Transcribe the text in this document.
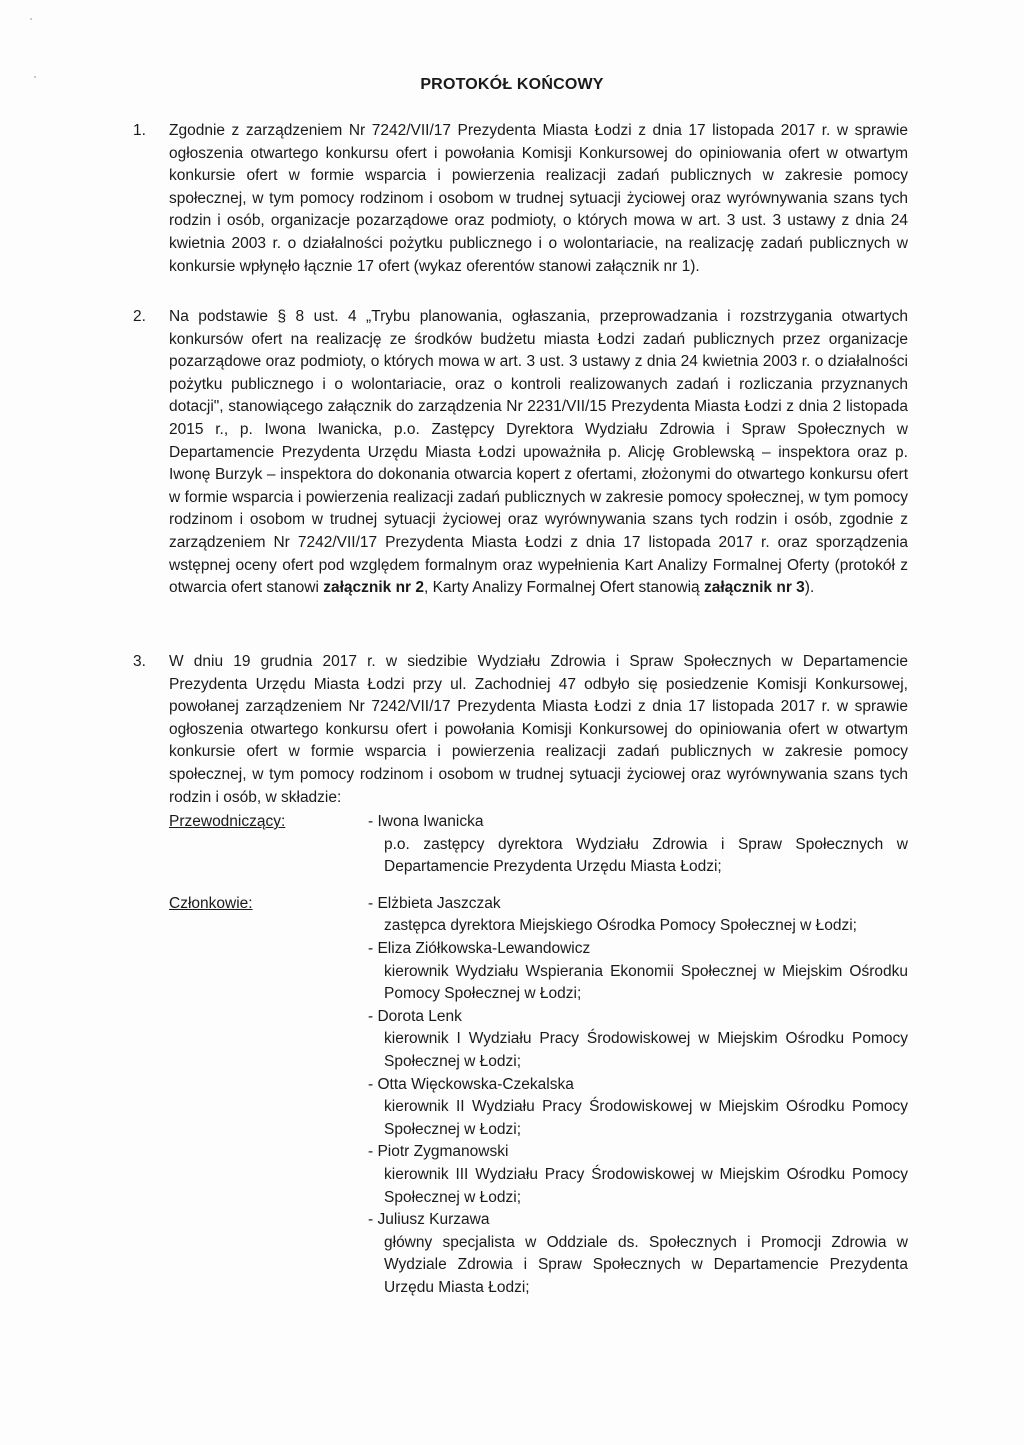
PROTOKÓŁ KOŃCOWY
1. Zgodnie z zarządzeniem Nr 7242/VII/17 Prezydenta Miasta Łodzi z dnia 17 listopada 2017 r. w sprawie ogłoszenia otwartego konkursu ofert i powołania Komisji Konkursowej do opiniowania ofert w otwartym konkursie ofert w formie wsparcia i powierzenia realizacji zadań publicznych w zakresie pomocy społecznej, w tym pomocy rodzinom i osobom w trudnej sytuacji życiowej oraz wyrównywania szans tych rodzin i osób, organizacje pozarządowe oraz podmioty, o których mowa w art. 3 ust. 3 ustawy z dnia 24 kwietnia 2003 r. o działalności pożytku publicznego i o wolontariacie, na realizację zadań publicznych w konkursie wpłynęło łącznie 17 ofert (wykaz oferentów stanowi załącznik nr 1).

2. Na podstawie § 8 ust. 4 „Trybu planowania, ogłaszania, przeprowadzania i rozstrzygania otwartych konkursów ofert na realizację ze środków budżetu miasta Łodzi zadań publicznych przez organizacje pozarządowe oraz podmioty, o których mowa w art. 3 ust. 3 ustawy z dnia 24 kwietnia 2003 r. o działalności pożytku publicznego i o wolontariacie, oraz o kontroli realizowanych zadań i rozliczania przyznanych dotacji", stanowiącego załącznik do zarządzenia Nr 2231/VII/15 Prezydenta Miasta Łodzi z dnia 2 listopada 2015 r., p. Iwona Iwanicka, p.o. Zastępcy Dyrektora Wydziału Zdrowia i Spraw Społecznych w Departamencie Prezydenta Urzędu Miasta Łodzi upoważniła p. Alicję Groblewską – inspektora oraz p. Iwonę Burzyk – inspektora do dokonania otwarcia kopert z ofertami, złożonymi do otwartego konkursu ofert w formie wsparcia i powierzenia realizacji zadań publicznych w zakresie pomocy społecznej, w tym pomocy rodzinom i osobom w trudnej sytuacji życiowej oraz wyrównywania szans tych rodzin i osób, zgodnie z zarządzeniem Nr 7242/VII/17 Prezydenta Miasta Łodzi z dnia 17 listopada 2017 r. oraz sporządzenia wstępnej oceny ofert pod względem formalnym oraz wypełnienia Kart Analizy Formalnej Oferty (protokół z otwarcia ofert stanowi załącznik nr 2, Karty Analizy Formalnej Ofert stanowią załącznik nr 3).

3. W dniu 19 grudnia 2017 r. w siedzibie Wydziału Zdrowia i Spraw Społecznych w Departamencie Prezydenta Urzędu Miasta Łodzi przy ul. Zachodniej 47 odbyło się posiedzenie Komisji Konkursowej, powołanej zarządzeniem Nr 7242/VII/17 Prezydenta Miasta Łodzi z dnia 17 listopada 2017 r. w sprawie ogłoszenia otwartego konkursu ofert i powołania Komisji Konkursowej do opiniowania ofert w otwartym konkursie ofert w formie wsparcia i powierzenia realizacji zadań publicznych w zakresie pomocy społecznej, w tym pomocy rodzinom i osobom w trudnej sytuacji życiowej oraz wyrównywania szans tych rodzin i osób, w składzie:

Przewodniczący:	- Iwona Iwanicka
p.o. zastępcy dyrektora Wydziału Zdrowia i Spraw Społecznych w Departamencie Prezydenta Urzędu Miasta Łodzi;
Członkowie:	- Elżbieta Jaszczak
zastępca dyrektora Miejskiego Ośrodka Pomocy Społecznej w Łodzi;
- Eliza Ziółkowska-Lewandowicz
kierownik Wydziału Wspierania Ekonomii Społecznej w Miejskim Ośrodku Pomocy Społecznej w Łodzi;
- Dorota Lenk
kierownik I Wydziału Pracy Środowiskowej w Miejskim Ośrodku Pomocy Społecznej w Łodzi;
- Otta Więckowska-Czekalska
kierownik II Wydziału Pracy Środowiskowej w Miejskim Ośrodku Pomocy Społecznej w Łodzi;
- Piotr Zygmanowski
kierownik III Wydziału Pracy Środowiskowej w Miejskim Ośrodku Pomocy Społecznej w Łodzi;
- Juliusz Kurzawa
główny specjalista w Oddziale ds. Społecznych i Promocji Zdrowia w Wydziale Zdrowia i Spraw Społecznych w Departamencie Prezydenta Urzędu Miasta Łodzi;
